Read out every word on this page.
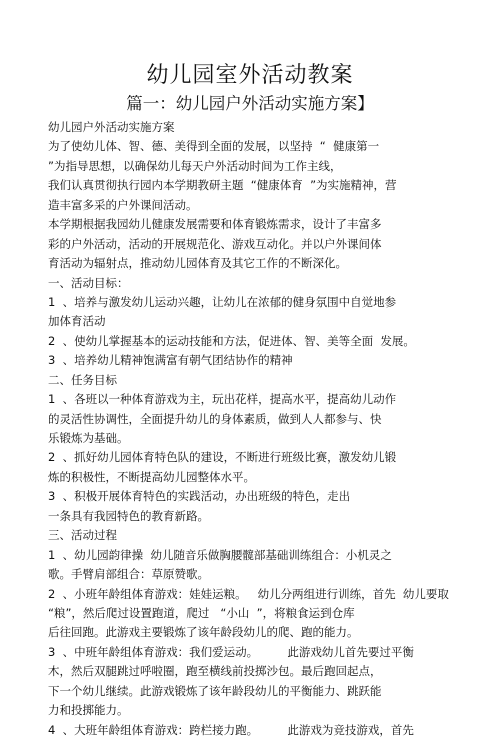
幼儿园室外活动教案
篇一：幼儿园户外活动实施方案】
幼儿园户外活动实施方案
为了使幼儿体、智、德、美得到全面的发展，以坚持  “  健康第一
”为指导思想，以确保幼儿每天户外活动时间为工作主线，
我们认真贯彻执行园内本学期教研主题  “健康体育  ”为实施精神，营
造丰富多采的户外课间活动。
本学期根据我园幼儿健康发展需要和体育锻炼需求，设计了丰富多
彩的户外活动，活动的开展规范化、游戏互动化。并以户外课间体
育活动为辐射点，推动幼儿园体育及其它工作的不断深化。
一、活动目标：
1  、培养与激发幼儿运动兴趣，让幼儿在浓郁的健身氛围中自觉地参
加体育活动
2  、使幼儿掌握基本的运动技能和方法，促进体、智、美等全面  发展。
3  、培养幼儿精神饱满富有朝气团结协作的精神
二、任务目标
1  、各班以一种体育游戏为主，玩出花样，提高水平，提高幼儿动作
的灵活性协调性，全面提升幼儿的身体素质，做到人人都参与、快
乐锻炼为基础。
2  、抓好幼儿园体育特色队的建设，不断进行班级比赛，激发幼儿锻
炼的积极性，不断提高幼儿园整体水平。
3  、积极开展体育特色的实践活动，办出班级的特色，走出
一条具有我园特色的教育新路。
三、活动过程
1  、幼儿园韵律操  幼儿随音乐做胸腰髋部基础训练组合：小机灵之
歌。手臂肩部组合：草原赞歌。
2  、小班年龄组体育游戏：娃娃运粮。   幼儿分两组进行训练，首先  幼儿要取
“粮”，然后爬过设置跑道，爬过   “小山  ”，将粮食运到仓库
后往回跑。此游戏主要锻炼了该年龄段幼儿的爬、跑的能力。
3  、中班年龄组体育游戏：我们爱运动。        此游戏幼儿首先要过平衡
木，然后双腿跳过呼啦圈，跑至横线前投掷沙包。最后跑回起点，
下一个幼儿继续。此游戏锻炼了该年龄段幼儿的平衡能力、跳跃能
力和投掷能力。
4  、大班年龄组体育游戏：跨栏接力跑。        此游戏为竞技游戏，首先
